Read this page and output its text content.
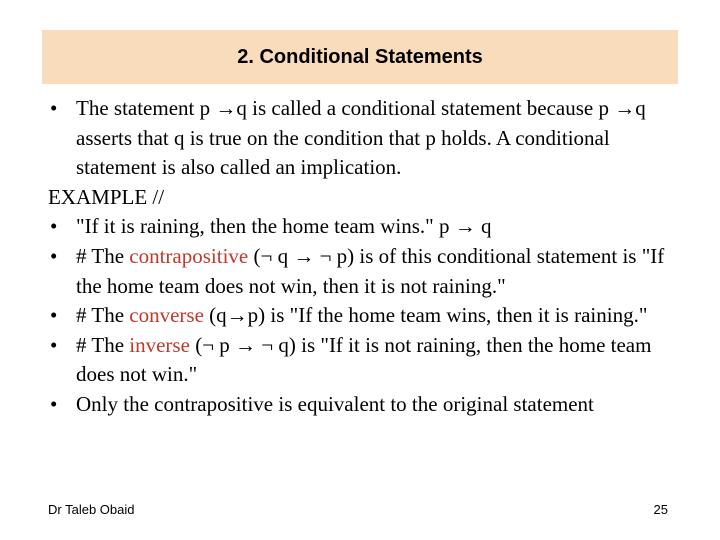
2. Conditional Statements
• The statement p →q is called a conditional statement because p →q asserts that q is true on the condition that p holds. A conditional statement is also called an implication.
EXAMPLE //
• "If it is raining, then the home team wins." p → q
• # The contrapositive (¬ q → ¬ p) is of this conditional statement is "If the home team does not win, then it is not raining."
• # The converse (q→p) is "If the home team wins, then it is raining."
• # The inverse (¬ p → ¬ q) is "If it is not raining, then the home team does not win."
• Only the contrapositive is equivalent to the original statement
Dr Taleb Obaid	25
